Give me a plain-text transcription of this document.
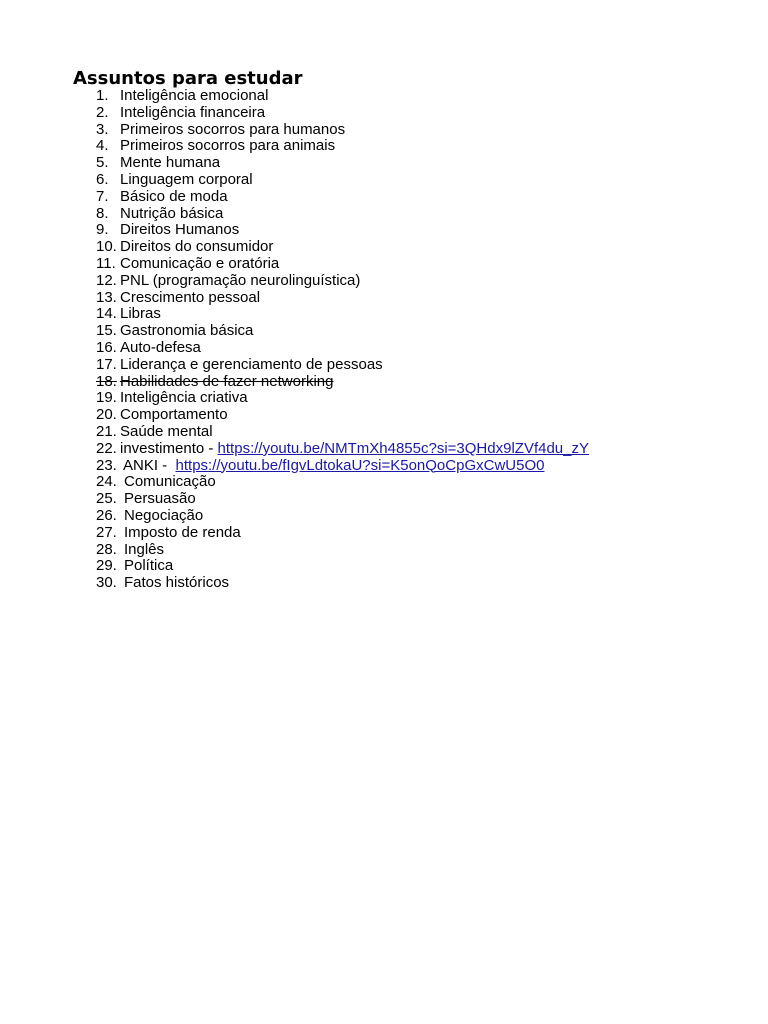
Assuntos para estudar
1. Inteligência emocional
2. Inteligência financeira
3. Primeiros socorros para humanos
4. Primeiros socorros para animais
5. Mente humana
6. Linguagem corporal
7. Básico de moda
8. Nutrição básica
9. Direitos Humanos
10. Direitos do consumidor
11. Comunicação e oratória
12. PNL (programação neurolinguística)
13. Crescimento pessoal
14. Libras
15. Gastronomia básica
16. Auto-defesa
17. Liderança e gerenciamento de pessoas
18. Habilidades de fazer networking
19. Inteligência criativa
20. Comportamento
21. Saúde mental
22. investimento - https://youtu.be/NMTmXh4855c?si=3QHdx9lZVf4du_zY
23. ANKI -  https://youtu.be/fIgvLdtokaU?si=K5onQoCpGxCwU5O0
24. Comunicação
25. Persuasão
26. Negociação
27. Imposto de renda
28. Inglês
29. Política
30. Fatos históricos
